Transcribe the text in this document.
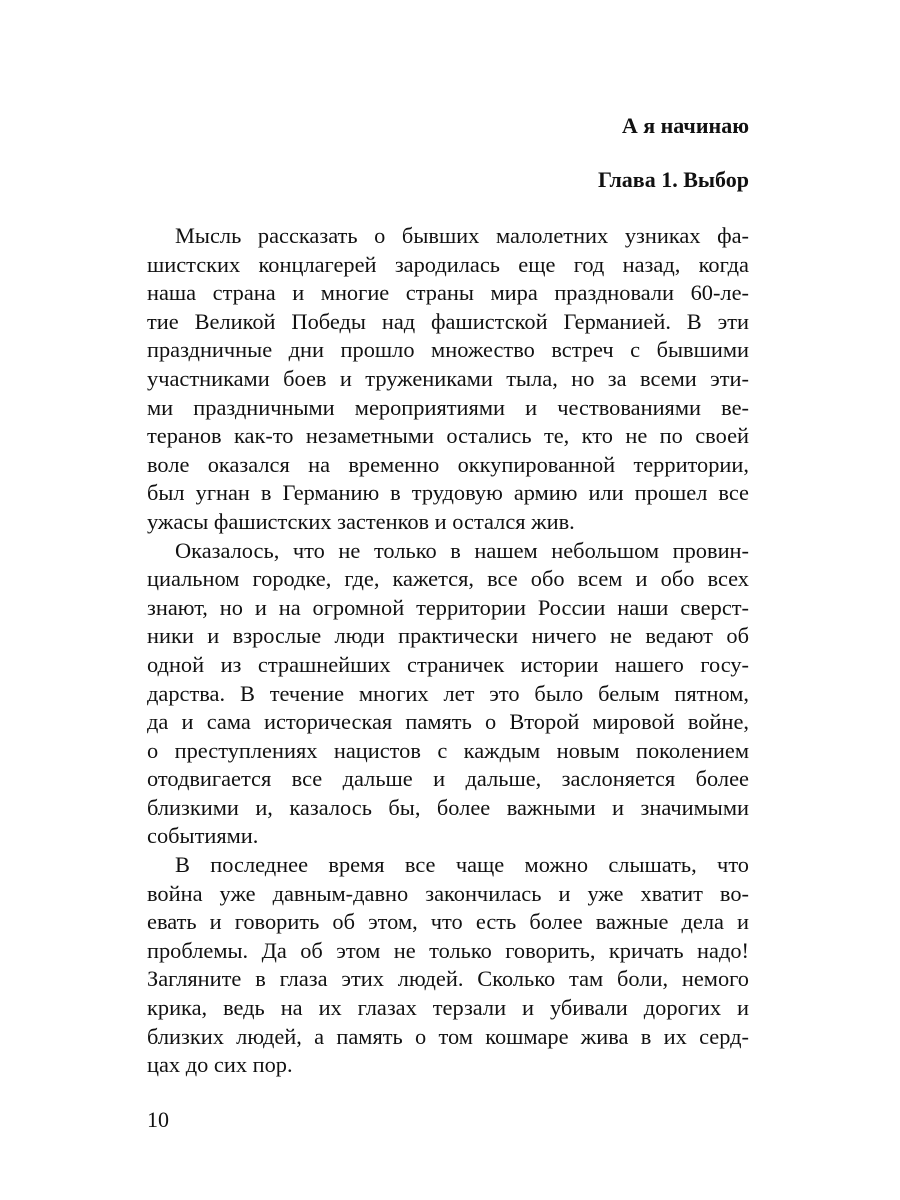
А я начинаю
Глава 1. Выбор
Мысль рассказать о бывших малолетних узниках фа-
шистских концлагерей зародилась еще год назад, когда
наша страна и многие страны мира праздновали 60-ле-
тие Великой Победы над фашистской Германией. В эти
праздничные дни прошло множество встреч с бывшими
участниками боев и тружениками тыла, но за всеми эти-
ми праздничными мероприятиями и чествованиями ве-
теранов как-то незаметными остались те, кто не по своей
воле оказался на временно оккупированной территории,
был угнан в Германию в трудовую армию или прошел все
ужасы фашистских застенков и остался жив.
Оказалось, что не только в нашем небольшом провин-
циальном городке, где, кажется, все обо всем и обо всех
знают, но и на огромной территории России наши сверст-
ники и взрослые люди практически ничего не ведают об
одной из страшнейших страничек истории нашего госу-
дарства. В течение многих лет это было белым пятном,
да и сама историческая память о Второй мировой войне,
о преступлениях нацистов с каждым новым поколением
отодвигается все дальше и дальше, заслоняется более
близкими и, казалось бы, более важными и значимыми
событиями.
В последнее время все чаще можно слышать, что
война уже давным-давно закончилась и уже хватит во-
евать и говорить об этом, что есть более важные дела и
проблемы. Да об этом не только говорить, кричать надо!
Загляните в глаза этих людей. Сколько там боли, немого
крика, ведь на их глазах терзали и убивали дорогих и
близких людей, а память о том кошмаре жива в их серд-
цах до сих пор.
10
